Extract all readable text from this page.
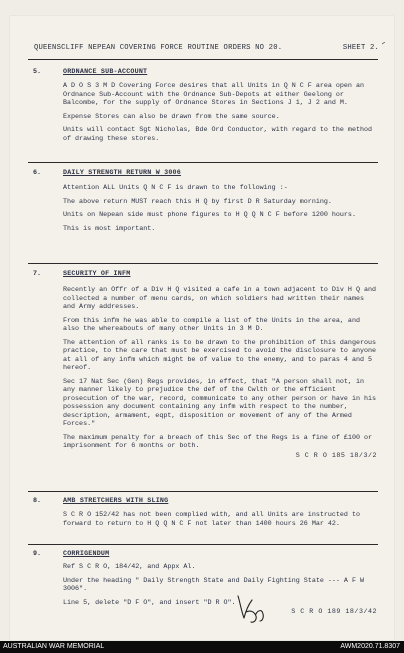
QUEENSCLIFF NEPEAN COVERING FORCE ROUTINE ORDERS NO 20.	SHEET 2.
5.	ORDNANCE SUB-ACCOUNT

A D O S 3 M D Covering Force desires that all Units in Q N C F area open an Ordnance Sub-Account with the Ordnance Sub-Depots at either Geelong or Balcombe, for the supply of Ordnance Stores in Sections J 1, J 2 and M.

Expense Stores can also be drawn from the same source.

Units will contact Sgt Nicholas, Bde Ord Conductor, with regard to the method of drawing these stores.

6.	DAILY STRENGTH RETURN W 3006

Attention ALL Units Q N C F is drawn to the following :-

The above return MUST reach this H Q by first D R Saturday morning.

Units on Nepean side must phone figures to H Q Q N C F before 1200 hours.

This is most important.

7.	SECURITY OF INFM

Recently an Offr of a Div H Q visited a cafe in a town adjacent to Div H Q and collected a number of menu cards, on which soldiers had written their names and Army addresses.

From this infm he was able to compile a list of the Units in the area, and also the whereabouts of many other Units in 3 M D.

The attention of all ranks is to be drawn to the prohibition of this dangerous practice, to the care that must be exercised to avoid the disclosure to anyone at all of any infm which might be of value to the enemy, and to paras 4 and 5 hereof.

Sec 17 Nat Sec (Gen) Regs provides, in effect, that "A person shall not, in any manner likely to prejudice the def of the Cwlth or the efficient prosecution of the war, record, communicate to any other person or have in his possession any document containing any infm with respect to the number, description, armament, eqpt, disposition or movement of any of the Armed Forces."

The maximum penalty for a breach of this Sec of the Regs is a fine of £100 or imprisonment for 6 months or both.

S C R O 185 18/3/2

8.	AMB STRETCHERS WITH SLING

S C R O 152/42 has not been complied with, and all Units are instructed to forward to return to H Q Q N C F not later than 1400 hours 26 Mar 42.

9.	CORRIGENDUM

Ref S C R O, 184/42, and Appx Al.

Under the heading " Daily Strength State and Daily Fighting State --- A F W 3006".

Line 5, delete "D F O", and insert "D R O".

S C R O 189 18/3/42

AUSTRALIAN WAR MEMORIAL	AWM2020.71.8307
